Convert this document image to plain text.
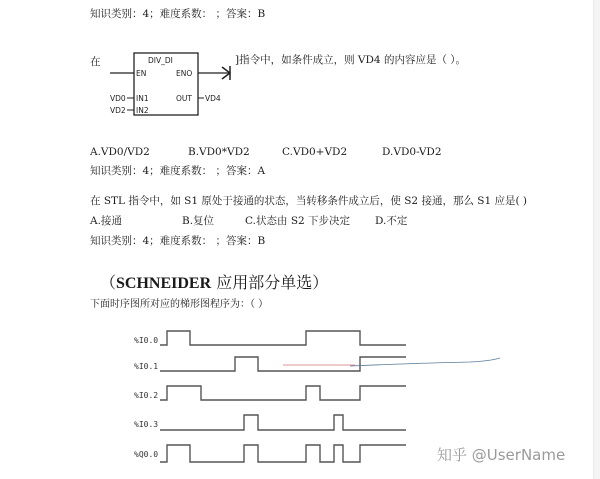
知识类别：4；难度系数： ；答案：B
在	DIV_DI
EN	ENO
VD0 IN1
VD2 IN2
OUT VD4
]指令中，如条件成立，则 VD4 的内容应是（ ）。
A.VD0/VD2	B.VD0*VD2	C.VD0+VD2	D.VD0-VD2
知识类别：4；难度系数： ；答案：A
在 STL 指令中，如 S1 原处于接通的状态，当转移条件成立后，使 S2 接通，那么 S1 应是( )
A.接通	B.复位	C.状态由 S2 下步决定 D.不定
知识类别：4；难度系数： ；答案：B
（SCHNEIDER 应用部分单选）
下面时序图所对应的梯形图程序为：（ ）
%I0.0
%I0.1
%I0.2
%I0.3
%Q0.0	知乎 @UserName
